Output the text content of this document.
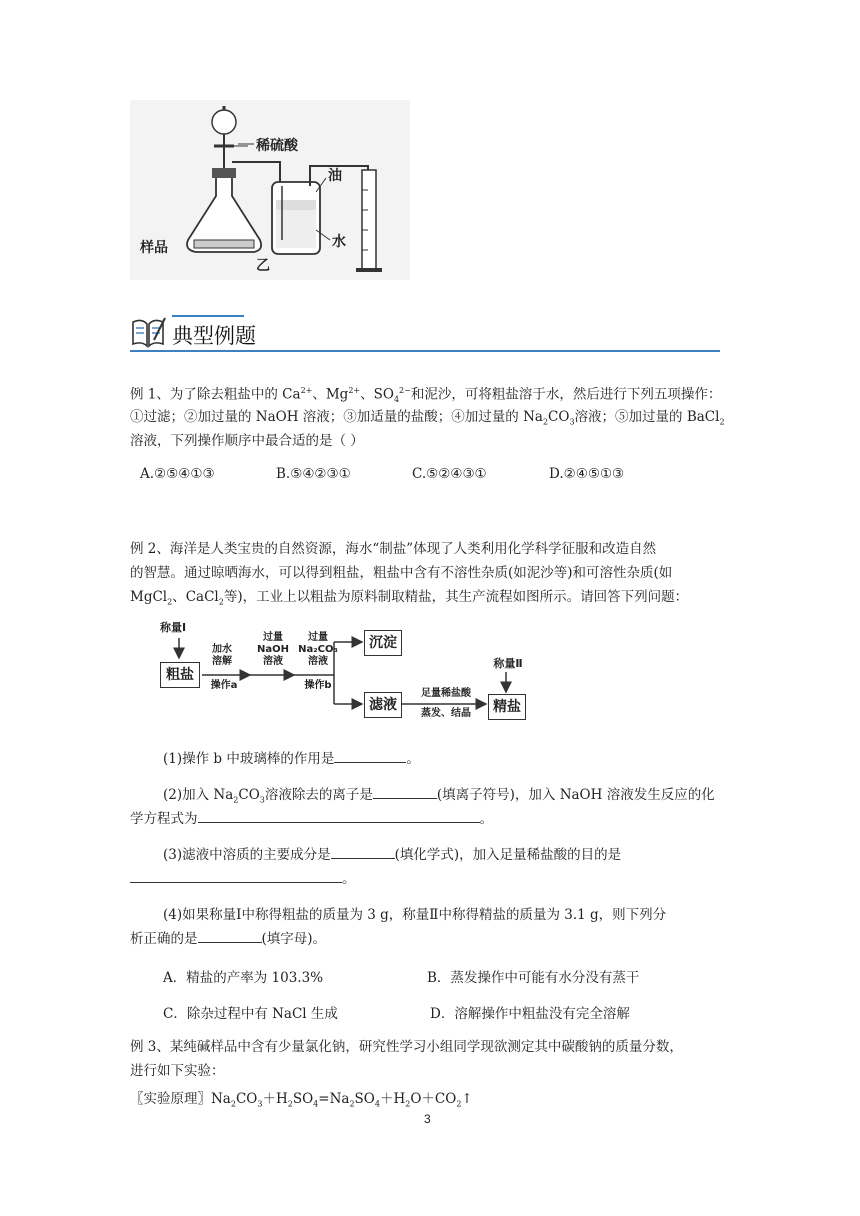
稀硫酸
油
水
样品
乙
典型例题
例 1、为了除去粗盐中的 $Ca^{2+}$、$Mg^{2+}$、$SO_4^{2-}$和泥沙，可将粗盐溶于水，然后进行下列五项操作：
①过滤；②加过量的 NaOH 溶液；③加适量的盐酸；④加过量的 $Na_2CO_3$溶液；⑤加过量的 BaCl$_2$
溶液，下列操作顺序中最合适的是（ ）
A.②⑤④①③	B.⑤④②③①	C.⑤②④③①	D.②④⑤①③
例 2、海洋是人类宝贵的自然资源，海水“制盐”体现了人类利用化学科学征服和改造自然
的智慧。通过晾晒海水，可以得到粗盐，粗盐中含有不溶性杂质(如泥沙等)和可溶性杂质(如
MgCl$_2$、CaCl$_2$等)，工业上以粗盐为原料制取精盐，其生产流程如图所示。请回答下列问题：
称量Ⅰ
粗盐
加水
溶解
操作a
过量
NaOH
溶液
过量
Na₂CO₃
溶液
操作b
沉淀
滤液
足量稀盐酸
蒸发、结晶
称量Ⅱ
精盐
(1)操作 b 中玻璃棒的作用是	。
(2)加入 $Na_2CO_3$溶液除去的离子是	(填离子符号)，加入 NaOH 溶液发生反应的化
学方程式为	。
(3)滤液中溶质的主要成分是	(填化学式)，加入足量稀盐酸的目的是
。
(4)如果称量Ⅰ中称得粗盐的质量为 3 g，称量Ⅱ中称得精盐的质量为 3.1 g，则下列分
析正确的是	(填字母)。
A．精盐的产率为 103.3%	B．蒸发操作中可能有水分没有蒸干
C．除杂过程中有 NaCl 生成	D．溶解操作中粗盐没有完全溶解
例 3、某纯碱样品中含有少量氯化钠，研究性学习小组同学现欲测定其中碳酸钠的质量分数，
进行如下实验：
〖实验原理〗$Na_2CO_3+H_2SO_4=Na_2SO_4+H_2O+CO_2↑$
3
